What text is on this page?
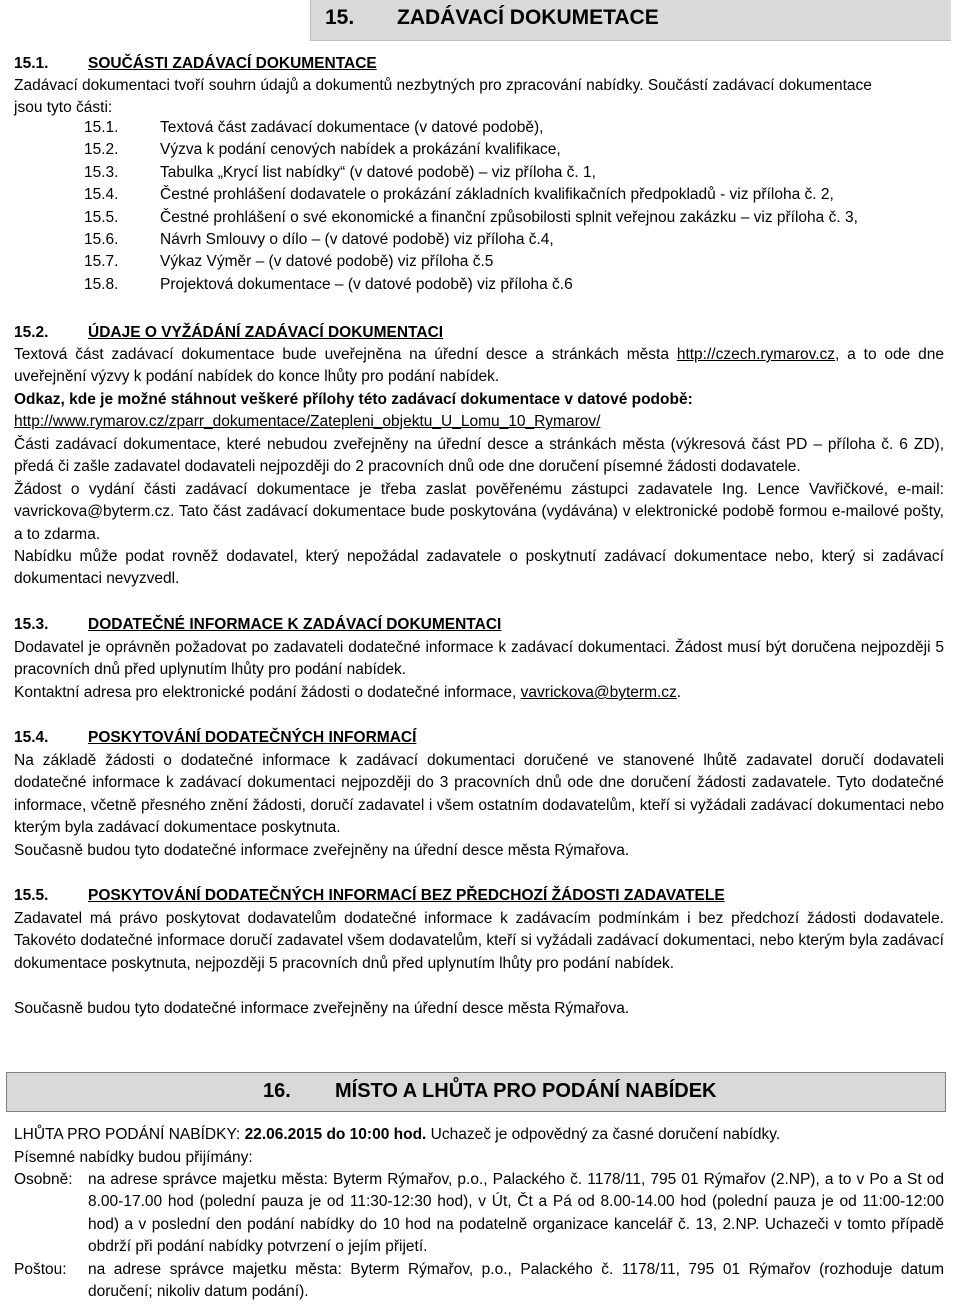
15. ZADÁVACÍ DOKUMETACE
15.1.	SOUČÁSTI ZADÁVACÍ DOKUMENTACE
Zadávací dokumentaci tvoří souhrn údajů a dokumentů nezbytných pro zpracování nabídky. Součástí zadávací dokumentace
jsou tyto části:
15.1.	Textová část zadávací dokumentace (v datové podobě),
15.2.	Výzva k podání cenových nabídek a prokázání kvalifikace,
15.3.	Tabulka „Krycí list nabídky“ (v datové podobě) – viz příloha č. 1,
15.4.	Čestné prohlášení dodavatele o prokázání základních kvalifikačních předpokladů - viz příloha č. 2,
15.5.	Čestné prohlášení o své ekonomické a finanční způsobilosti splnit veřejnou zakázku – viz příloha č. 3,
15.6.	Návrh Smlouvy o dílo – (v datové podobě) viz příloha č.4,
15.7.	Výkaz Výměr – (v datové podobě) viz příloha č.5
15.8.	Projektová dokumentace – (v datové podobě) viz příloha č.6
15.2.	ÚDAJE O VYŽÁDÁNÍ ZADÁVACÍ DOKUMENTACI
Textová část zadávací dokumentace bude uveřejněna na úřední desce a stránkách města http://czech.rymarov.cz, a to ode dne uveřejnění výzvy k podání nabídek do konce lhůty pro podání nabídek.
Odkaz, kde je možné stáhnout veškeré přílohy této zadávací dokumentace v datové podobě:
http://www.rymarov.cz/zparr_dokumentace/Zatepleni_objektu_U_Lomu_10_Rymarov/
Části zadávací dokumentace, které nebudou zveřejněny na úřední desce a stránkách města (výkresová část PD – příloha č. 6 ZD), předá či zašle zadavatel dodavateli nejpozději do 2 pracovních dnů ode dne doručení písemné žádosti dodavatele.
Žádost o vydání části zadávací dokumentace je třeba zaslat pověřenému zástupci zadavatele Ing. Lence Vavřičkové, e-mail: vavrickova@byterm.cz. Tato část zadávací dokumentace bude poskytována (vydávána) v elektronické podobě formou e-mailové pošty, a to zdarma.
Nabídku může podat rovněž dodavatel, který nepožádal zadavatele o poskytnutí zadávací dokumentace nebo, který si zadávací dokumentaci nevyzvedl.
15.3.	DODATEČNÉ INFORMACE K ZADÁVACÍ DOKUMENTACI
Dodavatel je oprávněn požadovat po zadavateli dodatečné informace k zadávací dokumentaci. Žádost musí být doručena nejpozději 5 pracovních dnů před uplynutím lhůty pro podání nabídek.
Kontaktní adresa pro elektronické podání žádosti o dodatečné informace, vavrickova@byterm.cz.
15.4.	POSKYTOVÁNÍ DODATEČNÝCH INFORMACÍ
Na základě žádosti o dodatečné informace k zadávací dokumentaci doručené ve stanovené lhůtě zadavatel doručí dodavateli dodatečné informace k zadávací dokumentaci nejpozději do 3 pracovních dnů ode dne doručení žádosti zadavatele. Tyto dodatečné informace, včetně přesného znění žádosti, doručí zadavatel i všem ostatním dodavatelům, kteří si vyžádali zadávací dokumentaci nebo kterým byla zadávací dokumentace poskytnuta.
Současně budou tyto dodatečné informace zveřejněny na úřední desce města Rýmařova.
15.5.	POSKYTOVÁNÍ DODATEČNÝCH INFORMACÍ BEZ PŘEDCHOZÍ ŽÁDOSTI ZADAVATELE
Zadavatel má právo poskytovat dodavatelům dodatečné informace k zadávacím podmínkám i bez předchozí žádosti dodavatele. Takovéto dodatečné informace doručí zadavatel všem dodavatelům, kteří si vyžádali zadávací dokumentaci, nebo kterým byla zadávací dokumentace poskytnuta, nejpozději 5 pracovních dnů před uplynutím lhůty pro podání nabídek.
Současně budou tyto dodatečné informace zveřejněny na úřední desce města Rýmařova.
LHŮTA PRO PODÁNÍ NABÍDKY: 22.06.2015 do 10:00 hod. Uchazeč je odpovědný za časné doručení nabídky.
Písemné nabídky budou přijímány:
Osobně: na adrese správce majetku města: Byterm Rýmařov, p.o., Palackého č. 1178/11, 795 01 Rýmařov (2.NP), a to v Po a St od 8.00-17.00 hod (polední pauza je od 11:30-12:30 hod), v Út, Čt a Pá od 8.00-14.00 hod (polední pauza je od 11:00-12:00 hod) a v poslední den podání nabídky do 10 hod na podatelně organizace kancelář č. 13, 2.NP. Uchazeči v tomto případě obdrží při podání nabídky potvrzení o jejím přijetí.
Poštou:	na adrese správce majetku města: Byterm Rýmařov, p.o., Palackého č. 1178/11, 795 01 Rýmařov (rozhoduje datum doručení; nikoliv datum podání).
16. MÍSTO A LHŮTA PRO PODÁNÍ NABÍDEK
